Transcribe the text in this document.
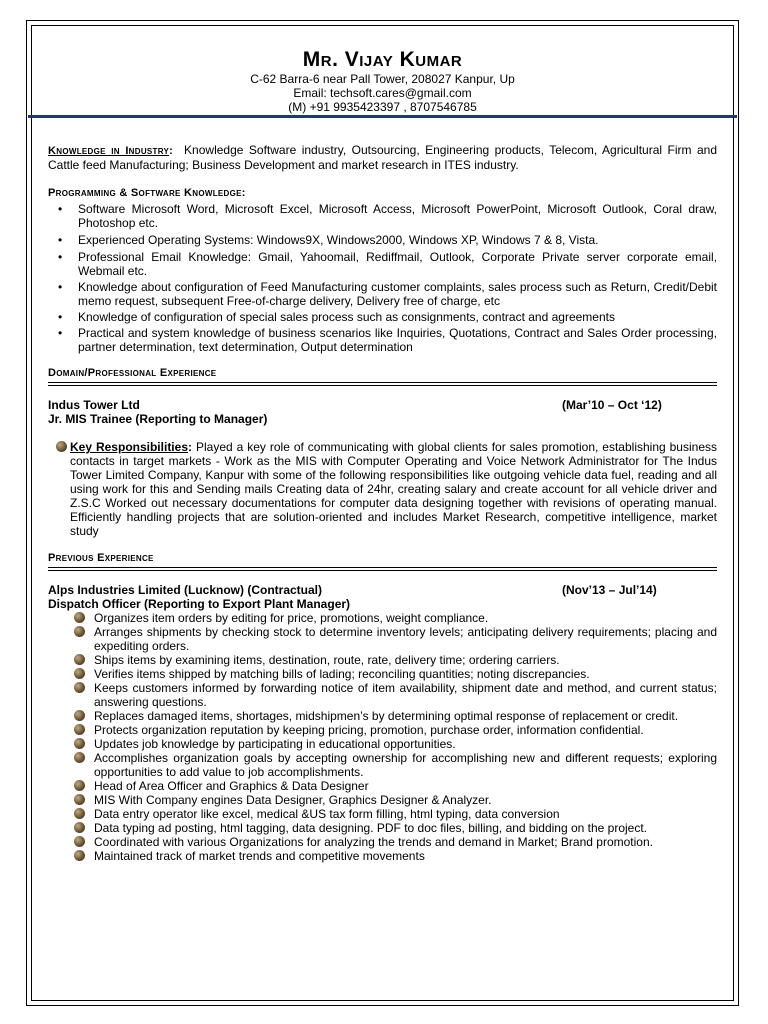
Mr. Vijay Kumar
C-62 Barra-6 near Pall Tower, 208027 Kanpur, Up
Email: techsoft.cares@gmail.com
(M) +91 9935423397 , 8707546785

Knowledge in Industry: Knowledge Software industry, Outsourcing, Engineering products, Telecom, Agricultural Firm and Cattle feed Manufacturing; Business Development and market research in ITES industry.

Programming & Software Knowledge:
• Software Microsoft Word, Microsoft Excel, Microsoft Access, Microsoft PowerPoint, Microsoft Outlook, Coral draw, Photoshop etc.
• Experienced Operating Systems: Windows9X, Windows2000, Windows XP, Windows 7 & 8, Vista.
• Professional Email Knowledge: Gmail, Yahoomail, Rediffmail, Outlook, Corporate Private server corporate email, Webmail etc.
• Knowledge about configuration of Feed Manufacturing customer complaints, sales process such as Return, Credit/Debit memo request, subsequent Free-of-charge delivery, Delivery free of charge, etc
• Knowledge of configuration of special sales process such as consignments, contract and agreements
• Practical and system knowledge of business scenarios like Inquiries, Quotations, Contract and Sales Order processing, partner determination, text determination, Output determination
Domain/Professional Experience
Indus Tower Ltd	(Mar’10 – Oct ‘12)
Jr. MIS Trainee (Reporting to Manager)
Key Responsibilities: Played a key role of communicating with global clients for sales promotion, establishing business contacts in target markets - Work as the MIS with Computer Operating and Voice Network Administrator for The Indus Tower Limited Company, Kanpur with some of the following responsibilities like outgoing vehicle data fuel, reading and all using work for this and Sending mails Creating data of 24hr, creating salary and create account for all vehicle driver and Z.S.C Worked out necessary documentations for computer data designing together with revisions of operating manual. Efficiently handling projects that are solution-oriented and includes Market Research, competitive intelligence, market study
Previous Experience
Alps Industries Limited (Lucknow) (Contractual)	(Nov’13 – Jul’14)
Dispatch Officer (Reporting to Export Plant Manager)
Organizes item orders by editing for price, promotions, weight compliance.
Arranges shipments by checking stock to determine inventory levels; anticipating delivery requirements; placing and expediting orders.
Ships items by examining items, destination, route, rate, delivery time; ordering carriers.
Verifies items shipped by matching bills of lading; reconciling quantities; noting discrepancies.
Keeps customers informed by forwarding notice of item availability, shipment date and method, and current status; answering questions.
Replaces damaged items, shortages, midshipmen’s by determining optimal response of replacement or credit.
Protects organization reputation by keeping pricing, promotion, purchase order, information confidential.
Updates job knowledge by participating in educational opportunities.
Accomplishes organization goals by accepting ownership for accomplishing new and different requests; exploring opportunities to add value to job accomplishments.
Head of Area Officer and Graphics & Data Designer
MIS With Company engines Data Designer, Graphics Designer & Analyzer.
Data entry operator like excel, medical &US tax form filling, html typing, data conversion
Data typing ad posting, html tagging, data designing. PDF to doc files, billing, and bidding on the project.
Coordinated with various Organizations for analyzing the trends and demand in Market; Brand promotion.
Maintained track of market trends and competitive movements
